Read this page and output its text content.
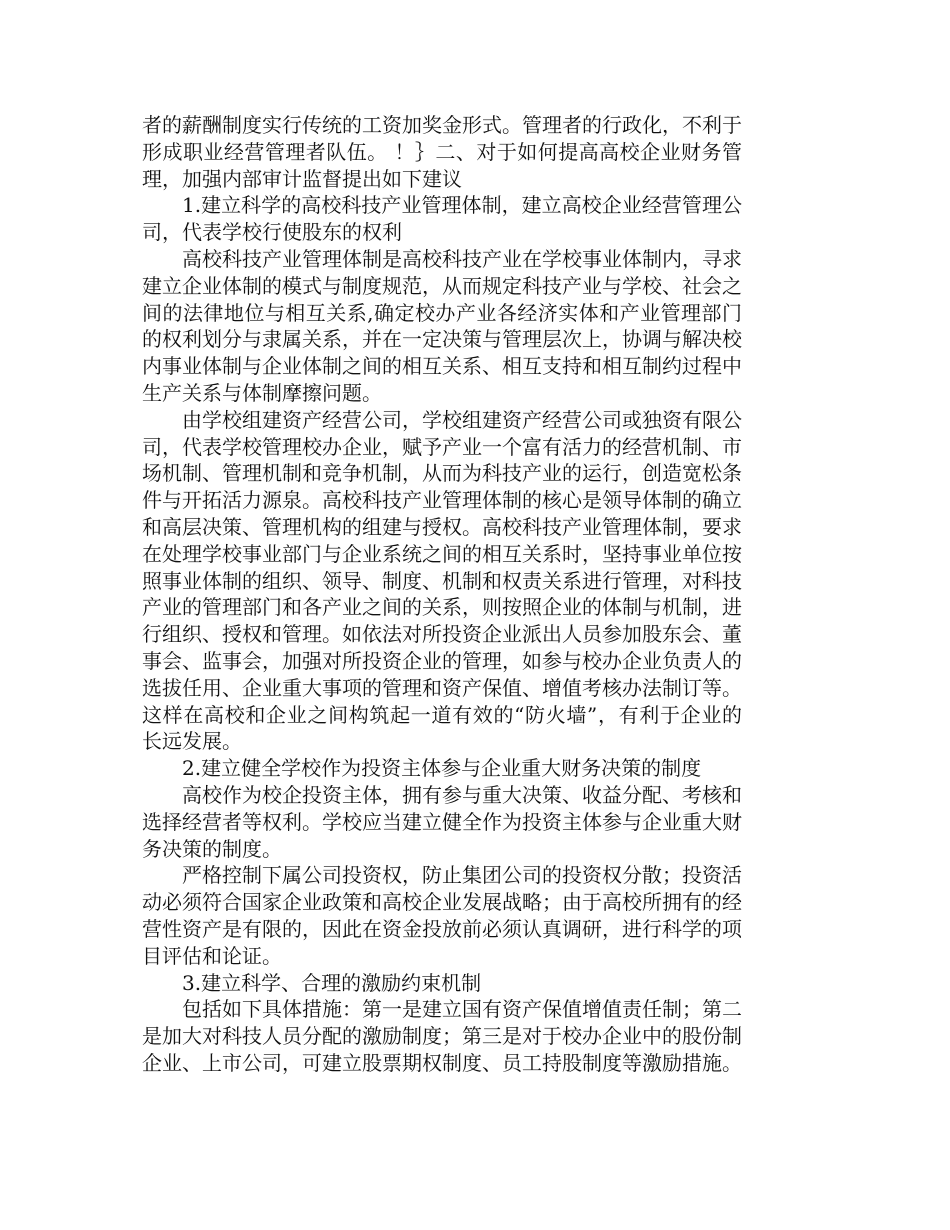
者的薪酬制度实行传统的工资加奖金形式。管理者的行政化，不利于形成职业经营管理者队伍。 ！｝二、对于如何提高高校企业财务管理，加强内部审计监督提出如下建议

1.建立科学的高校科技产业管理体制，建立高校企业经营管理公司，代表学校行使股东的权利

高校科技产业管理体制是高校科技产业在学校事业体制内，寻求建立企业体制的模式与制度规范，从而规定科技产业与学校、社会之间的法律地位与相互关系,确定校办产业各经济实体和产业管理部门的权利划分与隶属关系，并在一定决策与管理层次上，协调与解决校内事业体制与企业体制之间的相互关系、相互支持和相互制约过程中生产关系与体制摩擦问题。

由学校组建资产经营公司，学校组建资产经营公司或独资有限公司，代表学校管理校办企业，赋予产业一个富有活力的经营机制、市场机制、管理机制和竞争机制，从而为科技产业的运行，创造宽松条件与开拓活力源泉。高校科技产业管理体制的核心是领导体制的确立和高层决策、管理机构的组建与授权。高校科技产业管理体制，要求在处理学校事业部门与企业系统之间的相互关系时，坚持事业单位按照事业体制的组织、领导、制度、机制和权责关系进行管理，对科技产业的管理部门和各产业之间的关系，则按照企业的体制与机制，进行组织、授权和管理。如依法对所投资企业派出人员参加股东会、董事会、监事会，加强对所投资企业的管理，如参与校办企业负责人的选拔任用、企业重大事项的管理和资产保值、增值考核办法制订等。这样在高校和企业之间构筑起一道有效的“防火墙”，有利于企业的长远发展。

2.建立健全学校作为投资主体参与企业重大财务决策的制度

高校作为校企投资主体，拥有参与重大决策、收益分配、考核和选择经营者等权利。学校应当建立健全作为投资主体参与企业重大财务决策的制度。

严格控制下属公司投资权，防止集团公司的投资权分散；投资活动必须符合国家企业政策和高校企业发展战略；由于高校所拥有的经营性资产是有限的，因此在资金投放前必须认真调研，进行科学的项目评估和论证。

3.建立科学、合理的激励约束机制

包括如下具体措施：第一是建立国有资产保值增值责任制；第二是加大对科技人员分配的激励制度；第三是对于校办企业中的股份制企业、上市公司，可建立股票期权制度、员工持股制度等激励措施。
